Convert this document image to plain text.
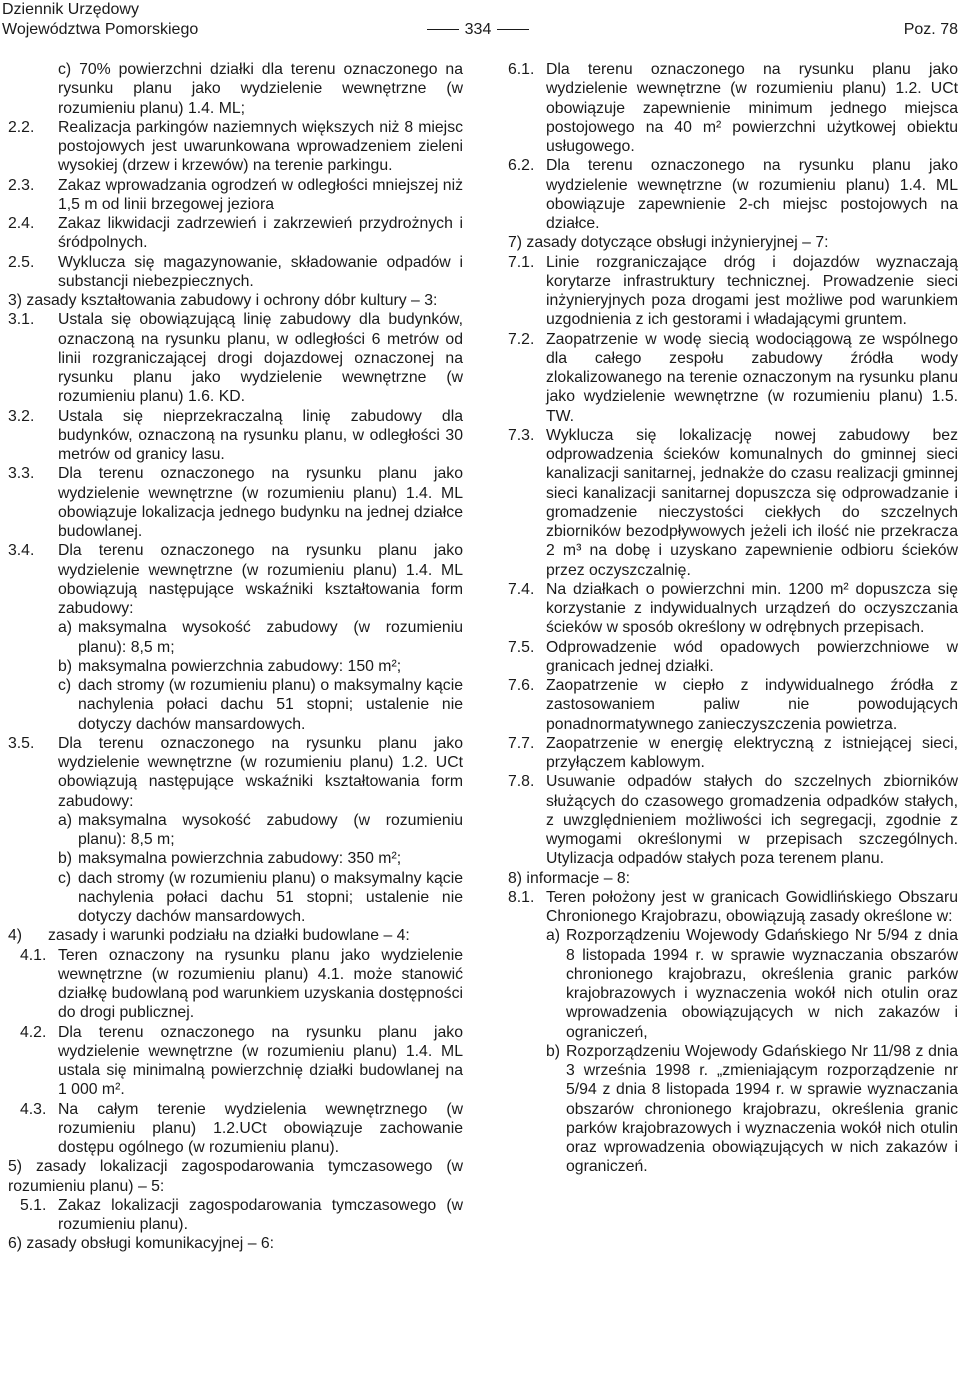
Dziennik Urzędowy
Województwa Pomorskiego	334	Poz. 78
c) 70% powierzchni działki dla terenu oznaczonego na rysunku planu jako wydzielenie wewnętrzne (w rozumieniu planu) 1.4. ML;
2.2. Realizacja parkingów naziemnych większych niż 8 miejsc postojowych jest uwarunkowana wprowadzeniem zieleni wysokiej (drzew i krzewów) na terenie parkingu.
2.3. Zakaz wprowadzania ogrodzeń w odległości mniejszej niż 1,5 m od linii brzegowej jeziora
2.4. Zakaz likwidacji zadrzewień i zakrzewień przydrożnych i śródpolnych.
2.5. Wyklucza się magazynowanie, składowanie odpadów i substancji niebezpiecznych.
3) zasady kształtowania zabudowy i ochrony dóbr kultury – 3:
3.1. Ustala się obowiązującą linię zabudowy dla budynków, oznaczoną na rysunku planu, w odległości 6 metrów od linii rozgraniczającej drogi dojazdowej oznaczonej na rysunku planu jako wydzielenie wewnętrzne (w rozumieniu planu) 1.6. KD.
3.2. Ustala się nieprzekraczalną linię zabudowy dla budynków, oznaczoną na rysunku planu, w odległości 30 metrów od granicy lasu.
3.3. Dla terenu oznaczonego na rysunku planu jako wydzielenie wewnętrzne (w rozumieniu planu) 1.4. ML obowiązuje lokalizacja jednego budynku na jednej działce budowlanej.
3.4. Dla terenu oznaczonego na rysunku planu jako wydzielenie wewnętrzne (w rozumieniu planu) 1.4. ML obowiązują następujące wskaźniki kształtowania form zabudowy:
a) maksymalna wysokość zabudowy (w rozumieniu planu): 8,5 m;
b) maksymalna powierzchnia zabudowy: 150 m²;
c) dach stromy (w rozumieniu planu) o maksymalny kącie nachylenia połaci dachu 51 stopni; ustalenie nie dotyczy dachów mansardowych.
3.5. Dla terenu oznaczonego na rysunku planu jako wydzielenie wewnętrzne (w rozumieniu planu) 1.2. UCt obowiązują następujące wskaźniki kształtowania form zabudowy:
a) maksymalna wysokość zabudowy (w rozumieniu planu): 8,5 m;
b) maksymalna powierzchnia zabudowy: 350 m²;
c) dach stromy (w rozumieniu planu) o maksymalny kącie nachylenia połaci dachu 51 stopni; ustalenie nie dotyczy dachów mansardowych.
4) zasady i warunki podziału na działki budowlane – 4:
4.1. Teren oznaczony na rysunku planu jako wydzielenie wewnętrzne (w rozumieniu planu) 4.1. może stanowić działkę budowlaną pod warunkiem uzyskania dostępności do drogi publicznej.
4.2. Dla terenu oznaczonego na rysunku planu jako wydzielenie wewnętrzne (w rozumieniu planu) 1.4. ML ustala się minimalną powierzchnię działki budowlanej na 1 000 m².
4.3. Na całym terenie wydzielenia wewnętrznego (w rozumieniu planu) 1.2.UCt obowiązuje zachowanie dostępu ogólnego (w rozumieniu planu).
5) zasady lokalizacji zagospodarowania tymczasowego (w rozumieniu planu) – 5:
5.1. Zakaz lokalizacji zagospodarowania tymczasowego (w rozumieniu planu).
6) zasady obsługi komunikacyjnej – 6:
6.1. Dla terenu oznaczonego na rysunku planu jako wydzielenie wewnętrzne (w rozumieniu planu) 1.2. UCt obowiązuje zapewnienie minimum jednego miejsca postojowego na 40 m² powierzchni użytkowej obiektu usługowego.
6.2. Dla terenu oznaczonego na rysunku planu jako wydzielenie wewnętrzne (w rozumieniu planu) 1.4. ML obowiązuje zapewnienie 2-ch miejsc postojowych na działce.
7) zasady dotyczące obsługi inżynieryjnej – 7:
7.1. Linie rozgraniczające dróg i dojazdów wyznaczają korytarze infrastruktury technicznej. Prowadzenie sieci inżynieryjnych poza drogami jest możliwe pod warunkiem uzgodnienia z ich gestorami i władającymi gruntem.
7.2. Zaopatrzenie w wodę siecią wodociągową ze wspólnego dla całego zespołu zabudowy źródła wody zlokalizowanego na terenie oznaczonym na rysunku planu jako wydzielenie wewnętrzne (w rozumieniu planu) 1.5. TW.
7.3. Wyklucza się lokalizację nowej zabudowy bez odprowadzenia ścieków komunalnych do gminnej sieci kanalizacji sanitarnej, jednakże do czasu realizacji gminnej sieci kanalizacji sanitarnej dopuszcza się odprowadzanie i gromadzenie nieczystości ciekłych do szczelnych zbiorników bezodpływowych jeżeli ich ilość nie przekracza 2 m³ na dobę i uzyskano zapewnienie odbioru ścieków przez oczyszczalnię.
7.4. Na działkach o powierzchni min. 1200 m² dopuszcza się korzystanie z indywidualnych urządzeń do oczyszczania ścieków w sposób określony w odrębnych przepisach.
7.5. Odprowadzenie wód opadowych powierzchniowe w granicach jednej działki.
7.6. Zaopatrzenie w ciepło z indywidualnego źródła z zastosowaniem paliw nie powodujących ponadnormatywnego zanieczyszczenia powietrza.
7.7. Zaopatrzenie w energię elektryczną z istniejącej sieci, przyłączem kablowym.
7.8. Usuwanie odpadów stałych do szczelnych zbiorników służących do czasowego gromadzenia odpadków stałych, z uwzględnieniem możliwości ich segregacji, zgodnie z wymogami określonymi w przepisach szczególnych. Utylizacja odpadów stałych poza terenem planu.
8) informacje – 8:
8.1. Teren położony jest w granicach Gowidlińskiego Obszaru Chronionego Krajobrazu, obowiązują zasady określone w:
a) Rozporządzeniu Wojewody Gdańskiego Nr 5/94 z dnia 8 listopada 1994 r. w sprawie wyznaczania obszarów chronionego krajobrazu, określenia granic parków krajobrazowych i wyznaczenia wokół nich otulin oraz wprowadzenia obowiązujących w nich zakazów i ograniczeń,
b) Rozporządzeniu Wojewody Gdańskiego Nr 11/98 z dnia 3 września 1998 r. „zmieniającym rozporządzenie nr 5/94 z dnia 8 listopada 1994 r. w sprawie wyznaczania obszarów chronionego krajobrazu, określenia granic parków krajobrazowych i wyznaczenia wokół nich otulin oraz wprowadzenia obowiązujących w nich zakazów i ograniczeń.
